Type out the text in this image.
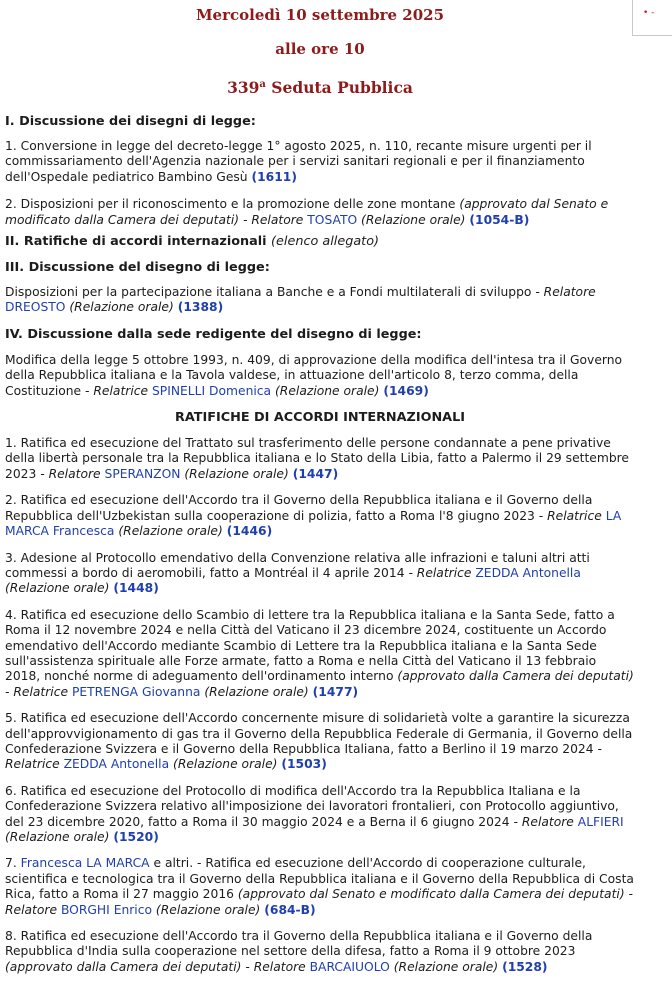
• -
Mercoledì 10 settembre 2025
alle ore 10
339$^a$ Seduta Pubblica
I. Discussione dei disegni di legge:

1. Conversione in legge del decreto-legge 1° agosto 2025, n. 110, recante misure urgenti per il commissariamento dell'Agenzia nazionale per i servizi sanitari regionali e per il finanziamento dell'Ospedale pediatrico Bambino Gesù (1611)

2. Disposizioni per il riconoscimento e la promozione delle zone montane (approvato dal Senato e modificato dalla Camera dei deputati) - Relatore TOSATO (Relazione orale) (1054-B)

II. Ratifiche di accordi internazionali (elenco allegato)
III. Discussione del disegno di legge:

Disposizioni per la partecipazione italiana a Banche e a Fondi multilaterali di sviluppo - Relatore DREOSTO (Relazione orale) (1388)

IV. Discussione dalla sede redigente del disegno di legge:

Modifica della legge 5 ottobre 1993, n. 409, di approvazione della modifica dell'intesa tra il Governo della Repubblica italiana e la Tavola valdese, in attuazione dell'articolo 8, terzo comma, della Costituzione - Relatrice SPINELLI Domenica (Relazione orale) (1469)

RATIFICHE DI ACCORDI INTERNAZIONALI

1. Ratifica ed esecuzione del Trattato sul trasferimento delle persone condannate a pene privative della libertà personale tra la Repubblica italiana e lo Stato della Libia, fatto a Palermo il 29 settembre 2023 - Relatore SPERANZON (Relazione orale) (1447)

2. Ratifica ed esecuzione dell'Accordo tra il Governo della Repubblica italiana e il Governo della Repubblica dell'Uzbekistan sulla cooperazione di polizia, fatto a Roma l'8 giugno 2023 - Relatrice LA MARCA Francesca (Relazione orale) (1446)

3. Adesione al Protocollo emendativo della Convenzione relativa alle infrazioni e taluni altri atti commessi a bordo di aeromobili, fatto a Montréal il 4 aprile 2014 - Relatrice ZEDDA Antonella (Relazione orale) (1448)

4. Ratifica ed esecuzione dello Scambio di lettere tra la Repubblica italiana e la Santa Sede, fatto a Roma il 12 novembre 2024 e nella Città del Vaticano il 23 dicembre 2024, costituente un Accordo emendativo dell'Accordo mediante Scambio di Lettere tra la Repubblica italiana e la Santa Sede sull'assistenza spirituale alle Forze armate, fatto a Roma e nella Città del Vaticano il 13 febbraio 2018, nonché norme di adeguamento dell'ordinamento interno (approvato dalla Camera dei deputati) - Relatrice PETRENGA Giovanna (Relazione orale) (1477)

5. Ratifica ed esecuzione dell'Accordo concernente misure di solidarietà volte a garantire la sicurezza dell'approvvigionamento di gas tra il Governo della Repubblica Federale di Germania, il Governo della Confederazione Svizzera e il Governo della Repubblica Italiana, fatto a Berlino il 19 marzo 2024 - Relatrice ZEDDA Antonella (Relazione orale) (1503)

6. Ratifica ed esecuzione del Protocollo di modifica dell'Accordo tra la Repubblica Italiana e la Confederazione Svizzera relativo all'imposizione dei lavoratori frontalieri, con Protocollo aggiuntivo, del 23 dicembre 2020, fatto a Roma il 30 maggio 2024 e a Berna il 6 giugno 2024 - Relatore ALFIERI (Relazione orale) (1520)

7. Francesca LA MARCA e altri. - Ratifica ed esecuzione dell'Accordo di cooperazione culturale, scientifica e tecnologica tra il Governo della Repubblica italiana e il Governo della Repubblica di Costa Rica, fatto a Roma il 27 maggio 2016 (approvato dal Senato e modificato dalla Camera dei deputati) - Relatore BORGHI Enrico (Relazione orale) (684-B)

8. Ratifica ed esecuzione dell'Accordo tra il Governo della Repubblica italiana e il Governo della Repubblica d'India sulla cooperazione nel settore della difesa, fatto a Roma il 9 ottobre 2023 (approvato dalla Camera dei deputati) - Relatore BARCAIUOLO (Relazione orale) (1528)
